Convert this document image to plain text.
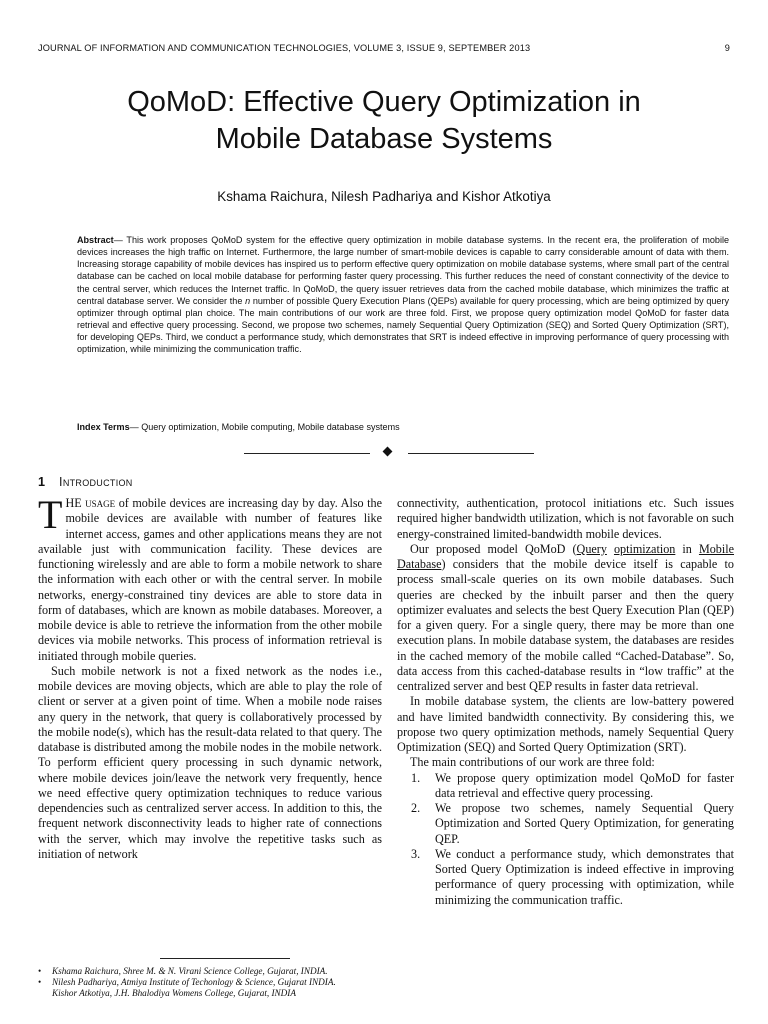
JOURNAL OF INFORMATION AND COMMUNICATION TECHNOLOGIES, VOLUME 3, ISSUE 9, SEPTEMBER 2013	9
QoMoD: Effective Query Optimization in
Mobile Database Systems
Kshama Raichura, Nilesh Padhariya and Kishor Atkotiya

Abstract— This work proposes QoMoD system for the effective query optimization in mobile database systems. In the recent era, the proliferation of mobile devices increases the high traffic on Internet. Furthermore, the large number of smart-mobile devices is capable to carry considerable amount of data with them. Increasing storage capability of mobile devices has inspired us to perform effective query optimization on mobile database systems, where small part of the central database can be cached on local mobile database for performing faster query processing. This further reduces the need of constant connectivity of the device to the central server, which reduces the Internet traffic. In QoMoD, the query issuer retrieves data from the cached mobile database, which minimizes the traffic at central database server. We consider the n number of possible Query Execution Plans (QEPs) available for query processing, which are being optimized by query optimizer through optimal plan choice. The main contributions of our work are three fold. First, we propose query optimization model QoMoD for faster data retrieval and effective query processing. Second, we propose two schemes, namely Sequential Query Optimization (SEQ) and Sorted Query Optimization (SRT), for developing QEPs. Third, we conduct a performance study, which demonstrates that SRT is indeed effective in improving performance of query processing with optimization, while minimizing the communication traffic.

Index Terms— Query optimization, Mobile computing, Mobile database systems

1 Introduction

THE usage of mobile devices are increasing day by day. Also the mobile devices are available with number of features like internet access, games and other applications means they are not available just with communication facility. These devices are functioning wirelessly and are able to form a mobile network to share the information with each other or with the central server. In mobile networks, energy-constrained tiny devices are able to store data in form of databases, which are known as mobile databases. Moreover, a mobile device is able to retrieve the information from the other mobile devices via mobile networks. This process of information retrieval is initiated through mobile queries.

Such mobile network is not a fixed network as the nodes i.e., mobile devices are moving objects, which are able to play the role of client or server at a given point of time. When a mobile node raises any query in the network, that query is collaboratively processed by the mobile node(s), which has the result-data related to that query. The database is distributed among the mobile nodes in the mobile network. To perform efficient query processing in such dynamic network, where mobile devices join/leave the network very frequently, hence we need effective query optimization techniques to reduce various dependencies such as centralized server access. In addition to this, the frequent network disconnectivity leads to higher rate of connections with the server, which may involve the repetitive tasks such as initiation of network

connectivity, authentication, protocol initiations etc. Such issues required higher bandwidth utilization, which is not favorable on such energy-constrained limited-bandwidth mobile devices.

Our proposed model QoMoD (Query optimization in Mobile Database) considers that the mobile device itself is capable to process small-scale queries on its own mobile databases. Such queries are checked by the inbuilt parser and then the query optimizer evaluates and selects the best Query Execution Plan (QEP) for a given query. For a single query, there may be more than one execution plans. In mobile database system, the databases are resides in the cached memory of the mobile called “Cached-Database”. So, data access from this cached-database results in “low traffic” at the centralized server and best QEP results in faster data retrieval.

In mobile database system, the clients are low-battery powered and have limited bandwidth connectivity. By considering this, we propose two query optimization methods, namely Sequential Query Optimization (SEQ) and Sorted Query Optimization (SRT).

The main contributions of our work are three fold:

1. We propose query optimization model QoMoD for faster data retrieval and effective query processing.
2. We propose two schemes, namely Sequential Query Optimization and Sorted Query Optimization, for generating QEP.
3. We conduct a performance study, which demonstrates that Sorted Query Optimization is indeed effective in improving performance of query processing with optimization, while minimizing the communication traffic.
• Kshama Raichura, Shree M. & N. Virani Science College, Gujarat, INDIA.
• Nilesh Padhariya, Atmiya Institute of Techonlogy & Science, Gujarat INDIA.
Kishor Atkotiya, J.H. Bhalodiya Womens College, Gujarat, INDIA
